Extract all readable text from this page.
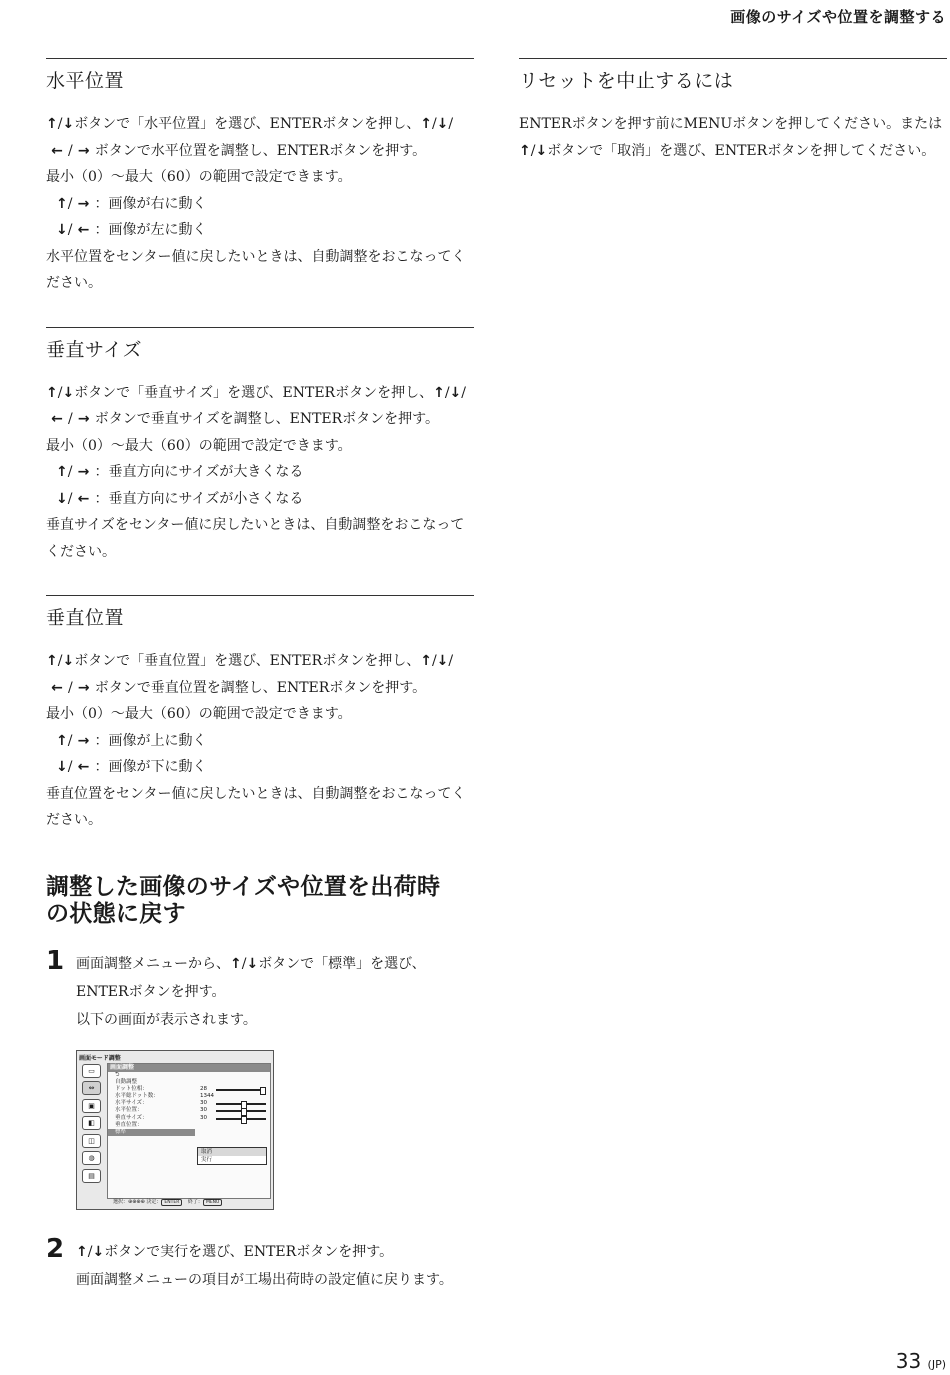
画像のサイズや位置を調整する
水平位置

↑/↓ボタンで「水平位置」を選び、ENTERボタンを押し、↑/↓/

← / → ボタンで水平位置を調整し、ENTERボタンを押す。

最小（0）～最大（60）の範囲で設定できます。

↑/ → ：画像が右に動く

↓/ ← ：画像が左に動く

水平位置をセンター値に戻したいときは、自動調整をおこなってください。

垂直サイズ

↑/↓ボタンで「垂直サイズ」を選び、ENTERボタンを押し、↑/↓/

← / → ボタンで垂直サイズを調整し、ENTERボタンを押す。

最小（0）～最大（60）の範囲で設定できます。

↑/ → ：垂直方向にサイズが大きくなる

↓/ ← ：垂直方向にサイズが小さくなる

垂直サイズをセンター値に戻したいときは、自動調整をおこなってください。

垂直位置

↑/↓ボタンで「垂直位置」を選び、ENTERボタンを押し、↑/↓/

← / → ボタンで垂直位置を調整し、ENTERボタンを押す。

最小（0）～最大（60）の範囲で設定できます。

↑/ → ：画像が上に動く

↓/ ← ：画像が下に動く

垂直位置をセンター値に戻したいときは、自動調整をおこなってください。

調整した画像のサイズや位置を出荷時
の状態に戻す
1 画面調整メニューから、↑/↓ボタンで「標準」を選び、

ENTERボタンを押す。

以下の画面が表示されます。

画面モード調整
▭
⇔
▣
◧
◫
◍
▤
画面調整
⮌
自動調整
ドット位相：	28
水平総ドット数：	1344
水平サイズ：	30
水平位置：	30
垂直サイズ：	30
垂直位置：
標準
取消
実行
選択：⊕⊕⊕⊕ 決定： ENTER 終了： MENU
2 ↑/↓ボタンで実行を選び、ENTERボタンを押す。

画面調整メニューの項目が工場出荷時の設定値に戻ります。

リセットを中止するには

ENTERボタンを押す前にMENUボタンを押してください。または

↑/↓ボタンで「取消」を選び、ENTERボタンを押してください。

33 (JP)
